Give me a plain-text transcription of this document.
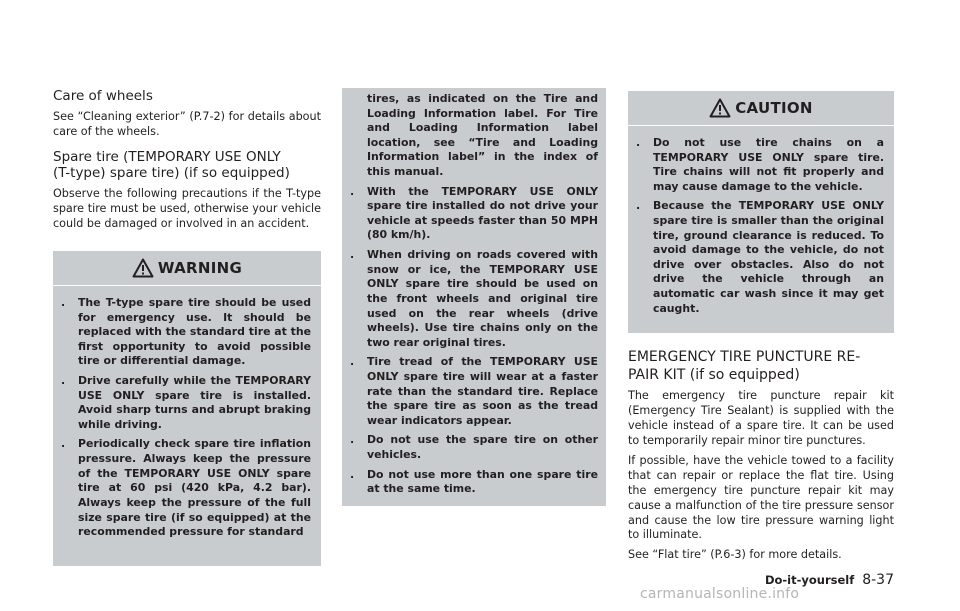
Care of wheels

See “Cleaning exterior” (P.7-2) for details about care of the wheels.

Spare tire (TEMPORARY USE ONLY
(T-type) spare tire) (if so equipped)

Observe the following precautions if the T-type spare tire must be used, otherwise your vehicle could be damaged or involved in an accident.

WARNING
. The T-type spare tire should be used for emergency use. It should be replaced with the standard tire at the first opportunity to avoid possible tire or differential damage.
. Drive carefully while the TEMPORARY USE ONLY spare tire is installed. Avoid sharp turns and abrupt braking while driving.
. Periodically check spare tire inflation pressure. Always keep the pressure of the TEMPORARY USE ONLY spare tire at 60 psi (420 kPa, 4.2 bar). Always keep the pressure of the full size spare tire (if so equipped) at the recommended pressure for standard
tires, as indicated on the Tire and Loading Information label. For Tire and Loading Information label location, see “Tire and Loading Information label” in the index of this manual.
. With the TEMPORARY USE ONLY spare tire installed do not drive your vehicle at speeds faster than 50 MPH (80 km/h).
. When driving on roads covered with snow or ice, the TEMPORARY USE ONLY spare tire should be used on the front wheels and original tire used on the rear wheels (drive wheels). Use tire chains only on the two rear original tires.
. Tire tread of the TEMPORARY USE ONLY spare tire will wear at a faster rate than the standard tire. Replace the spare tire as soon as the tread wear indicators appear.
. Do not use the spare tire on other vehicles.
. Do not use more than one spare tire at the same time.
CAUTION
. Do not use tire chains on a TEMPORARY USE ONLY spare tire. Tire chains will not fit properly and may cause damage to the vehicle.
. Because the TEMPORARY USE ONLY spare tire is smaller than the original tire, ground clearance is reduced. To avoid damage to the vehicle, do not drive over obstacles. Also do not drive the vehicle through an automatic car wash since it may get caught.
EMERGENCY TIRE PUNCTURE RE-
PAIR KIT (if so equipped)

The emergency tire puncture repair kit (Emergency Tire Sealant) is supplied with the vehicle instead of a spare tire. It can be used to temporarily repair minor tire punctures.

If possible, have the vehicle towed to a facility that can repair or replace the flat tire. Using the emergency tire puncture repair kit may cause a malfunction of the tire pressure sensor and cause the low tire pressure warning light to illuminate.

See “Flat tire” (P.6-3) for more details.

Do-it-yourself 8-37
carmanualsonline.info
